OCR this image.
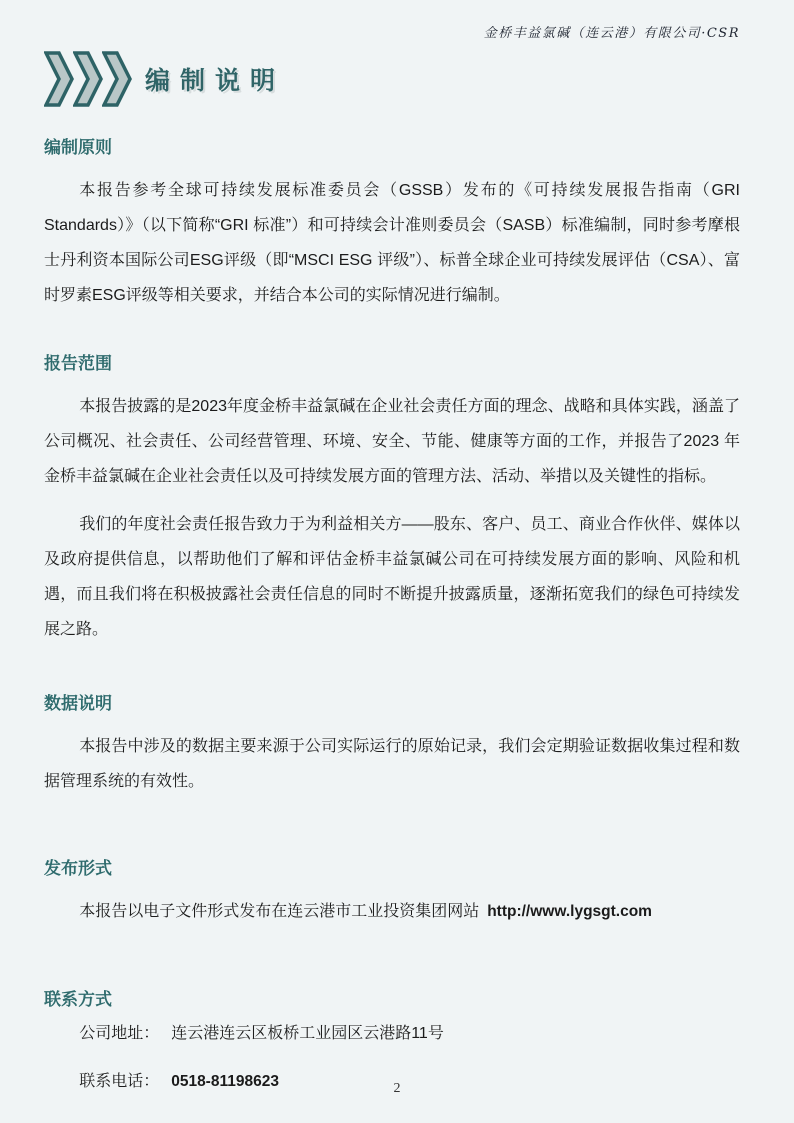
金桥丰益氯碱（连云港）有限公司·CSR
编制说明
编制原则

本报告参考全球可持续发展标准委员会（GSSB）发布的《可持续发展报告指南（GRI Standards）》（以下简称“GRI 标准”）和可持续会计准则委员会（SASB）标准编制，同时参考摩根士丹利资本国际公司ESG评级（即“MSCI ESG 评级”）、标普全球企业可持续发展评估（CSA）、富时罗素ESG评级等相关要求，并结合本公司的实际情况进行编制。

报告范围

本报告披露的是2023年度金桥丰益氯碱在企业社会责任方面的理念、战略和具体实践，涵盖了公司概况、社会责任、公司经营管理、环境、安全、节能、健康等方面的工作，并报告了2023 年金桥丰益氯碱在企业社会责任以及可持续发展方面的管理方法、活动、举措以及关键性的指标。

我们的年度社会责任报告致力于为利益相关方——股东、客户、员工、商业合作伙伴、媒体以及政府提供信息，以帮助他们了解和评估金桥丰益氯碱公司在可持续发展方面的影响、风险和机遇，而且我们将在积极披露社会责任信息的同时不断提升披露质量，逐渐拓宽我们的绿色可持续发展之路。

数据说明

本报告中涉及的数据主要来源于公司实际运行的原始记录，我们会定期验证数据收集过程和数据管理系统的有效性。

发布形式

本报告以电子文件形式发布在连云港市工业投资集团网站 http://www.lygsgt.com

联系方式

公司地址： 连云港连云区板桥工业园区云港路11号

联系电话： 0518-81198623	2
